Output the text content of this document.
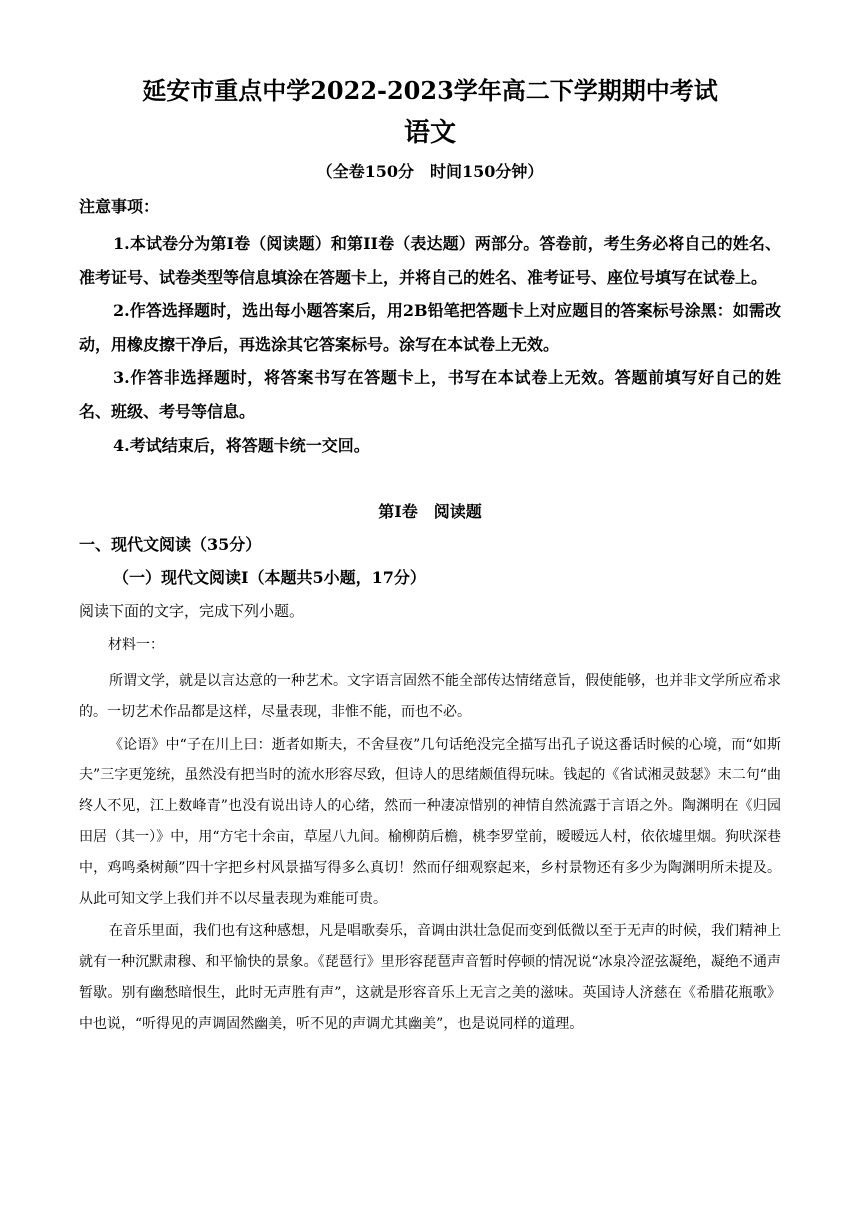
延安市重点中学2022-2023学年高二下学期期中考试
语文
（全卷150分　时间150分钟）
注意事项：

1.本试卷分为第Ⅰ卷（阅读题）和第II卷（表达题）两部分。答卷前，考生务必将自己的姓名、准考证号、试卷类型等信息填涂在答题卡上，并将自己的姓名、准考证号、座位号填写在试卷上。

2.作答选择题时，选出每小题答案后，用2B铅笔把答题卡上对应题目的答案标号涂黑：如需改动，用橡皮擦干净后，再选涂其它答案标号。涂写在本试卷上无效。

3.作答非选择题时，将答案书写在答题卡上，书写在本试卷上无效。答题前填写好自己的姓名、班级、考号等信息。

4.考试结束后，将答题卡统一交回。

第Ⅰ卷　阅读题
一、现代文阅读（35分）
（一）现代文阅读Ⅰ（本题共5小题，17分）
阅读下面的文字，完成下列小题。
材料一：

所谓文学，就是以言达意的一种艺术。文字语言固然不能全部传达情绪意旨，假使能够，也并非文学所应希求的。一切艺术作品都是这样，尽量表现，非惟不能，而也不必。

《论语》中“子在川上曰：逝者如斯夫，不舍昼夜”几句话绝没完全描写出孔子说这番话时候的心境，而“如斯夫”三字更笼统，虽然没有把当时的流水形容尽致，但诗人的思绪颇值得玩味。钱起的《省试湘灵鼓瑟》末二句“曲终人不见，江上数峰青”也没有说出诗人的心绪，然而一种凄凉惜别的神情自然流露于言语之外。陶渊明在《归园田居（其一）》中，用“方宅十余亩，草屋八九间。榆柳荫后檐，桃李罗堂前，暧暧远人村，依依墟里烟。狗吠深巷中，鸡鸣桑树颠”四十字把乡村风景描写得多么真切！然而仔细观察起来，乡村景物还有多少为陶渊明所未提及。从此可知文学上我们并不以尽量表现为难能可贵。

在音乐里面，我们也有这种感想，凡是唱歌奏乐，音调由洪壮急促而变到低微以至于无声的时候，我们精神上就有一种沉默肃穆、和平愉快的景象。《琵琶行》里形容琵琶声音暂时停顿的情况说“冰泉冷涩弦凝绝，凝绝不通声暂歇。别有幽愁暗恨生，此时无声胜有声”，这就是形容音乐上无言之美的滋味。英国诗人济慈在《希腊花瓶歌》中也说，“听得见的声调固然幽美，听不见的声调尤其幽美”，也是说同样的道理。
